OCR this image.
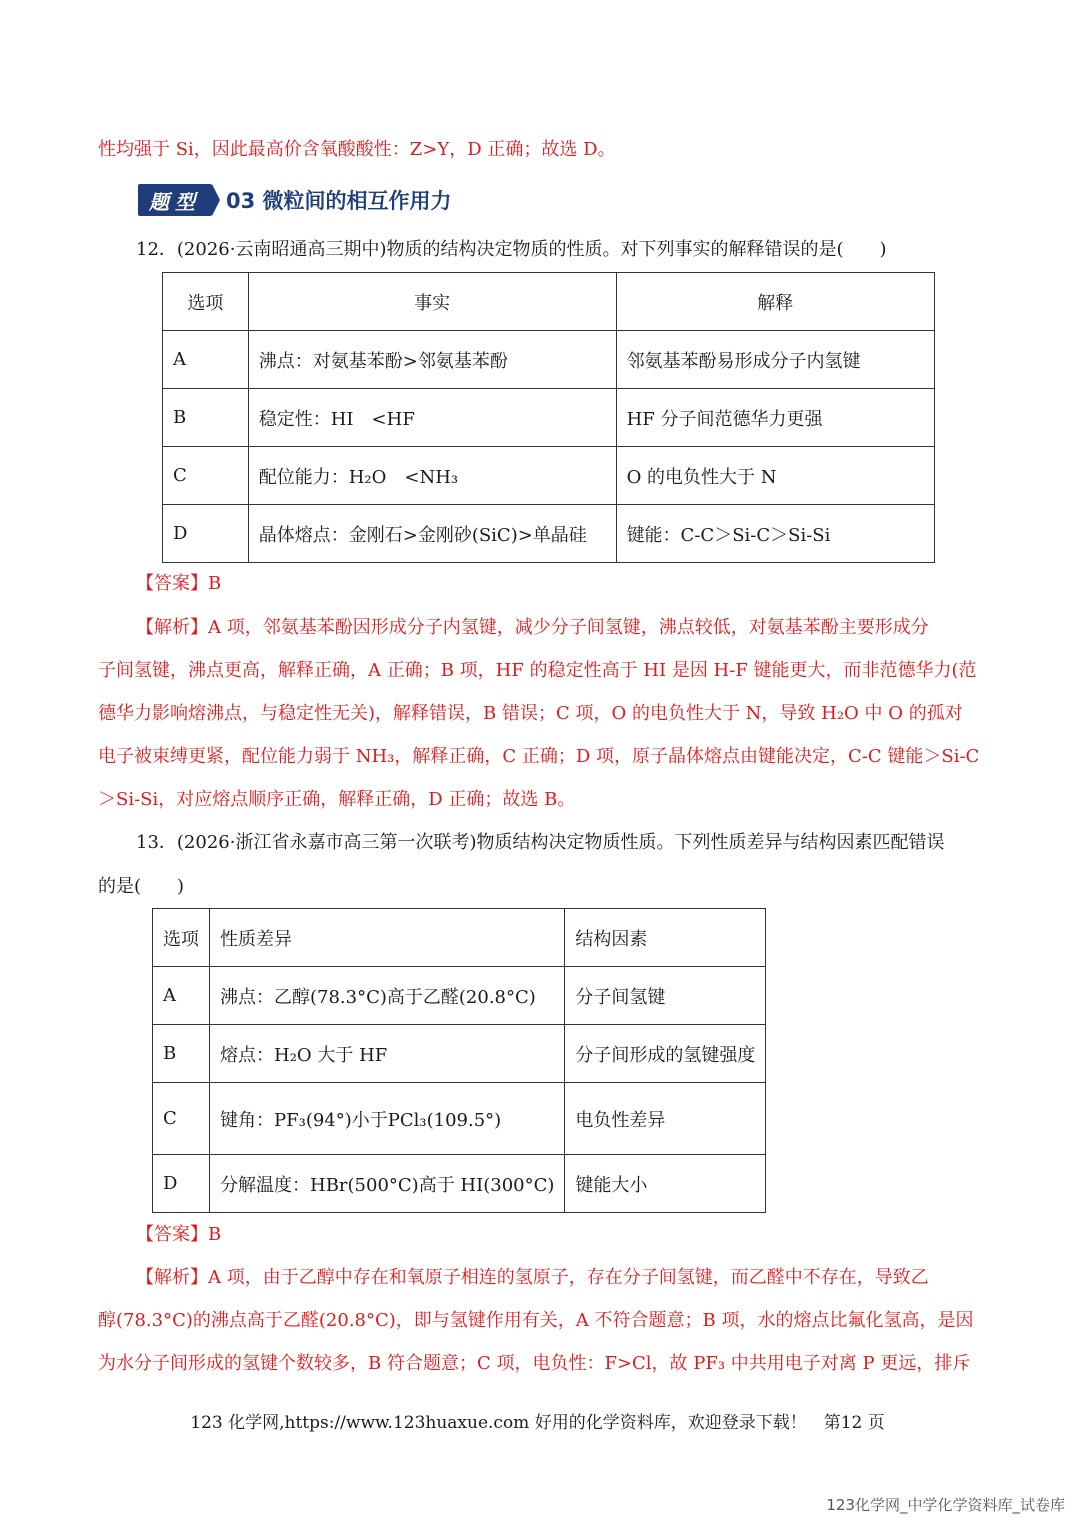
性均强于 Si，因此最高价含氧酸酸性：Z>Y，D 正确；故选 D。
题型	03 微粒间的相互作用力
12．(2026·云南昭通高三期中)物质的结构决定物质的性质。对下列事实的解释错误的是(　　)
选项	事实	解释
A	沸点：对氨基苯酚>邻氨基苯酚	邻氨基苯酚易形成分子内氢键
B	稳定性：HI　<HF	HF 分子间范德华力更强
C	配位能力：H₂O　<NH₃	O 的电负性大于 N
D	晶体熔点：金刚石>金刚砂(SiC)>单晶硅	键能：C-C＞Si-C＞Si-Si
【答案】B
【解析】A 项，邻氨基苯酚因形成分子内氢键，减少分子间氢键，沸点较低，对氨基苯酚主要形成分
子间氢键，沸点更高，解释正确，A 正确；B 项，HF 的稳定性高于 HI 是因 H-F 键能更大，而非范德华力(范
德华力影响熔沸点，与稳定性无关)，解释错误，B 错误；C 项，O 的电负性大于 N，导致 H₂O 中 O 的孤对
电子被束缚更紧，配位能力弱于 NH₃，解释正确，C 正确；D 项，原子晶体熔点由键能决定，C-C 键能＞Si-C
＞Si-Si，对应熔点顺序正确，解释正确，D 正确；故选 B。
13．(2026·浙江省永嘉市高三第一次联考)物质结构决定物质性质。下列性质差异与结构因素匹配错误
的是(　　)
选项	性质差异	结构因素
A	沸点：乙醇(78.3°C)高于乙醛(20.8°C)	分子间氢键
B	熔点：H₂O 大于 HF	分子间形成的氢键强度
C	键角：PF₃(94°)小于PCl₃(109.5°)	电负性差异
D	分解温度：HBr(500°C)高于 HI(300°C)	键能大小
【答案】B
【解析】A 项，由于乙醇中存在和氧原子相连的氢原子，存在分子间氢键，而乙醛中不存在，导致乙
醇(78.3°C)的沸点高于乙醛(20.8°C)，即与氢键作用有关，A 不符合题意；B 项，水的熔点比氟化氢高，是因
为水分子间形成的氢键个数较多，B 符合题意；C 项，电负性：F>Cl，故 PF₃ 中共用电子对离 P 更远，排斥
123 化学网,https://www.123huaxue.com 好用的化学资料库，欢迎登录下载！　第12 页
123化学网_中学化学资料库_试卷库
